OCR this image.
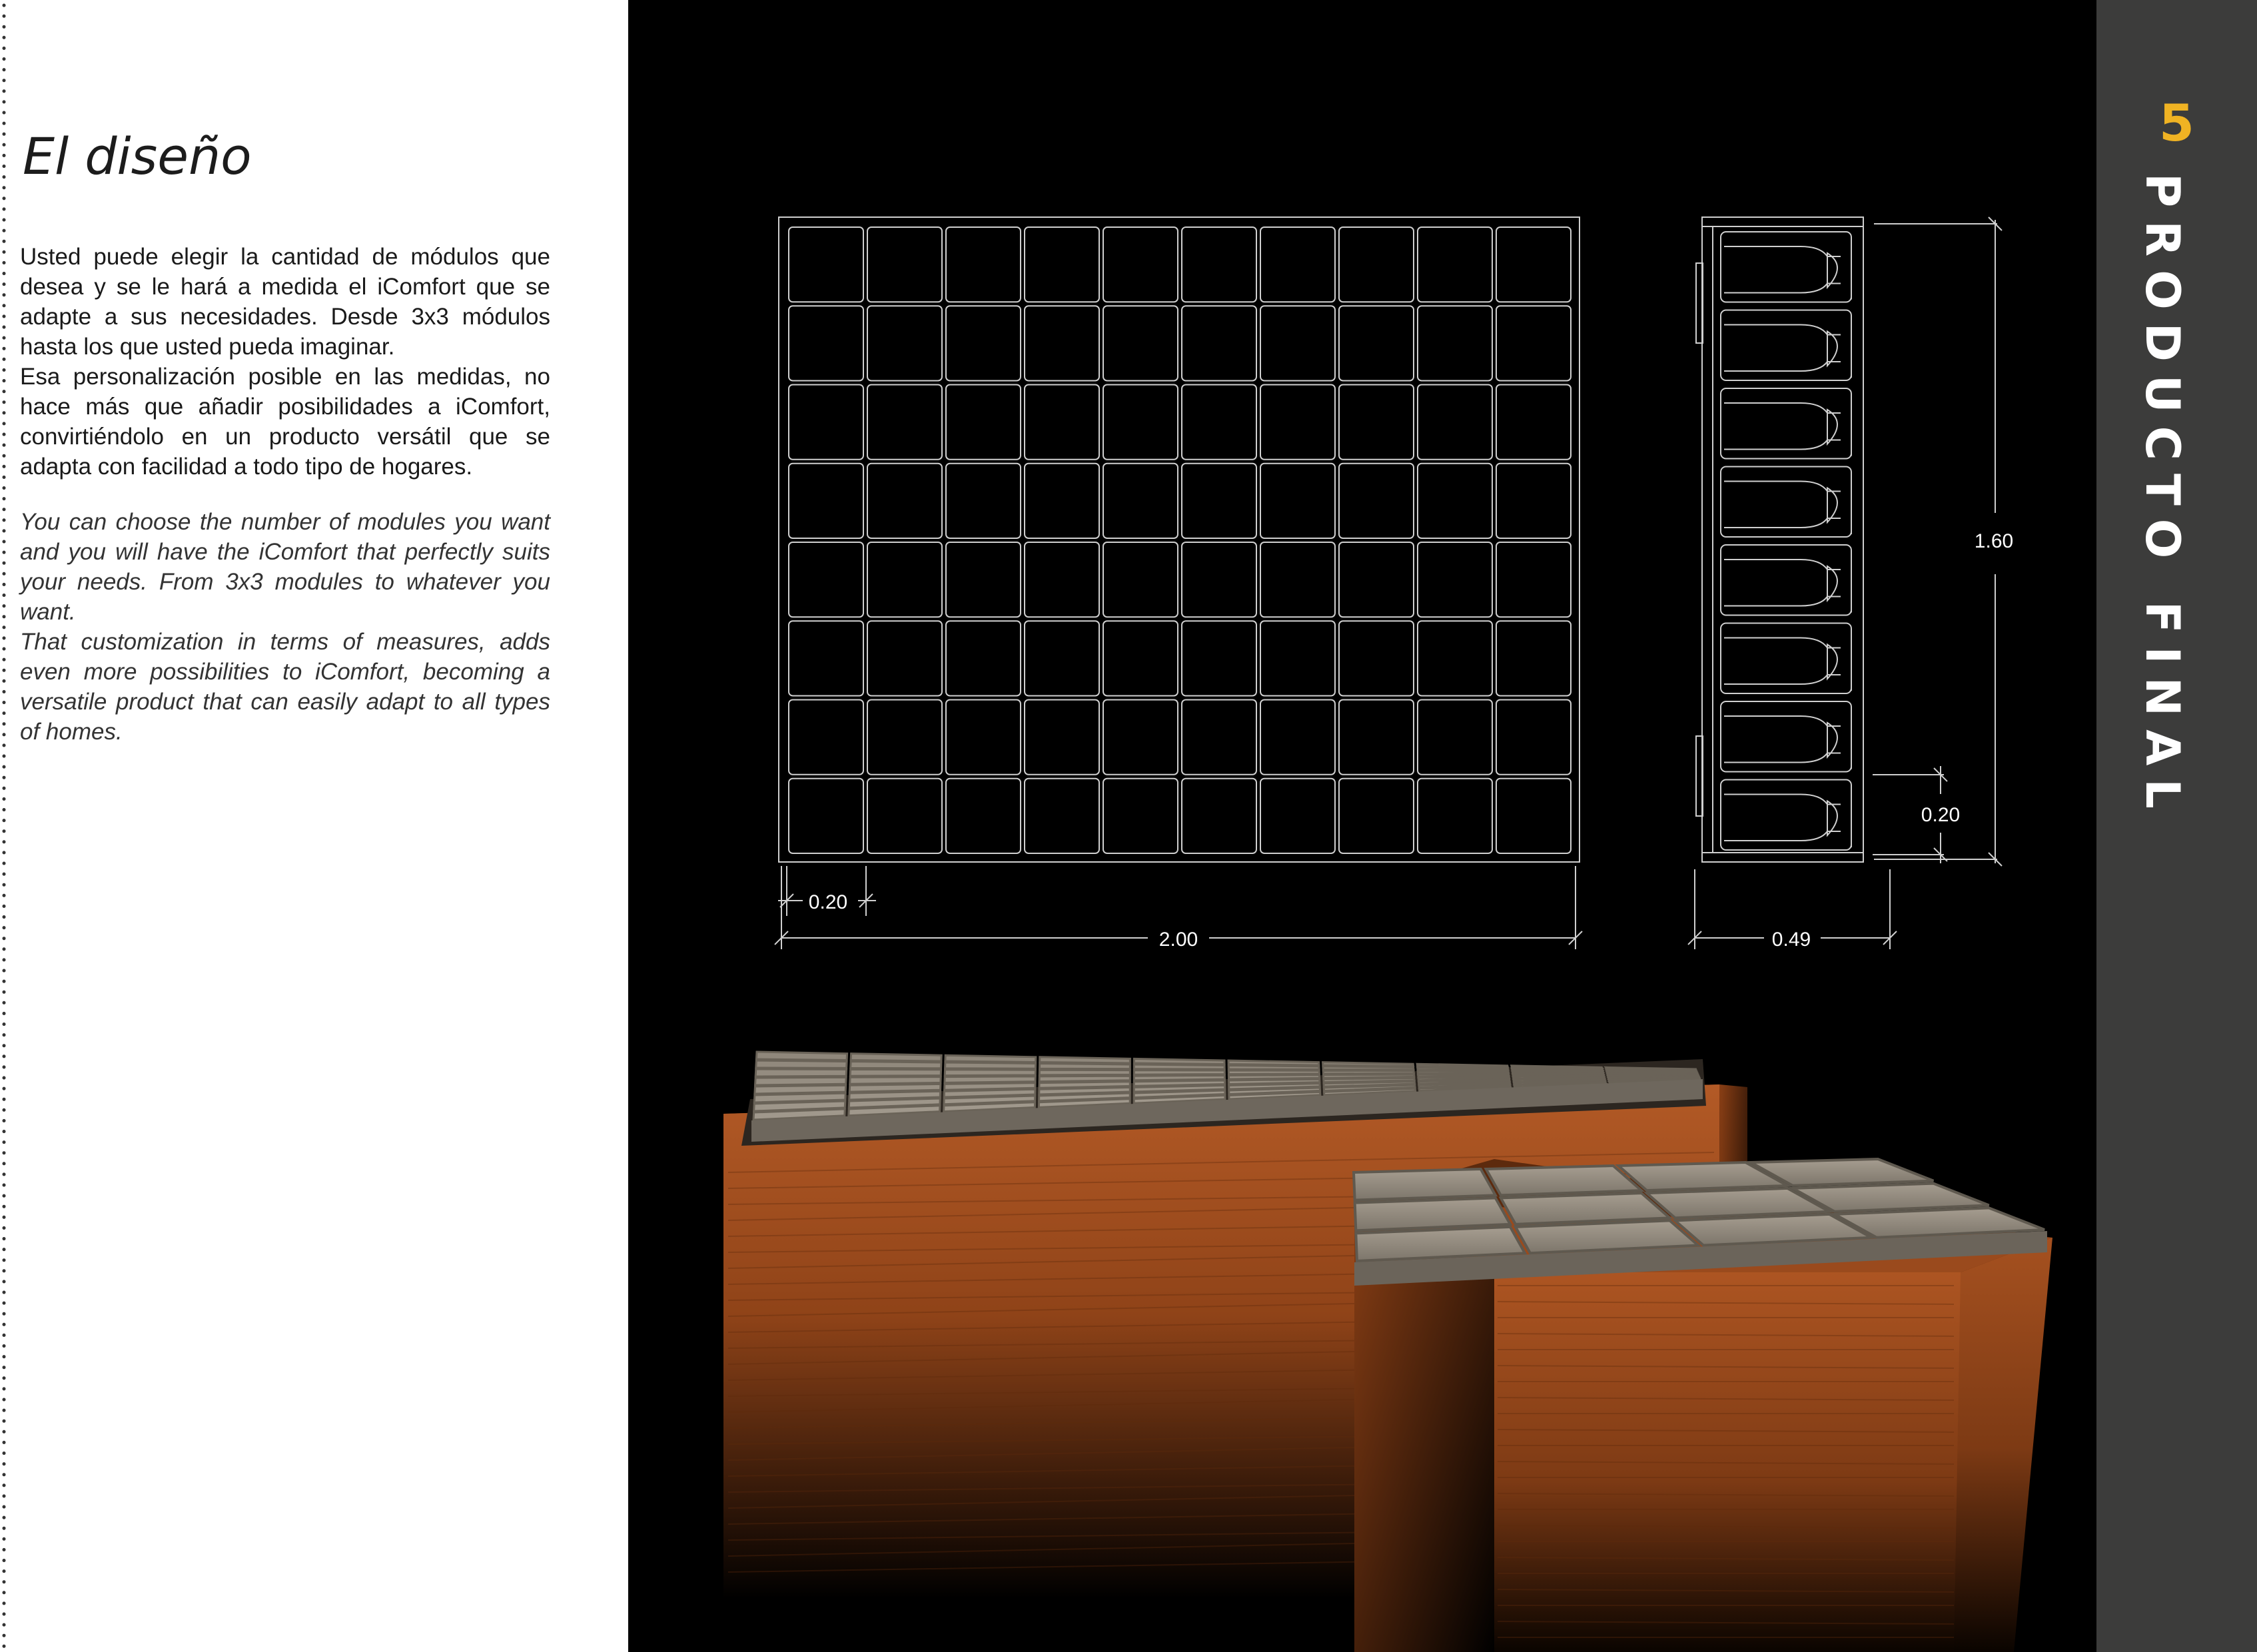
El diseño

Usted puede elegir la cantidad de módulos que desea y se le hará a medida el iComfort que se adapte a sus necesidades. Desde 3x3 módulos hasta los que usted pueda imaginar.

Esa personalización posible en las medidas, no hace más que añadir posibilidades a iComfort, convirtiéndolo en un producto versátil que se adapta con facilidad a todo tipo de hogares.

You can choose the number of modules you want and you will have the iComfort that perfectly suits your needs. From 3x3 modules to whatever you want.

That customization in terms of measures, adds even more possibilities to iComfort, becoming a versatile product that can easily adapt to all types of homes.

0.20
2.00
1.60
0.20
0.49
5
PRODUCTO FINAL
